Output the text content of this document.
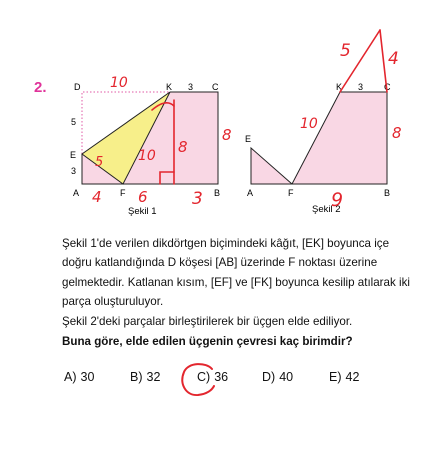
2.	D	K	C
E
A	F	B
5
3
3
Şekil 1
10
5 10 8
8
4 6	3
E
A	F
K	C
B
3
Şekil 2
10	8
9
5 4

Şekil 1'de verilen dikdörtgen biçimindeki kâğıt, [EK] boyunca içe doğru katlandığında D köşesi [AB] üzerinde F noktası üzerine gelmektedir. Katlanan kısım, [EF] ve [FK] boyunca kesilip atılarak iki parça oluşturuluyor.

Şekil 2'deki parçalar birleştirilerek bir üçgen elde ediliyor.

Buna göre, elde edilen üçgenin çevresi kaç birimdir?

A) 30	B) 32	C) 36	D) 40	E) 42
